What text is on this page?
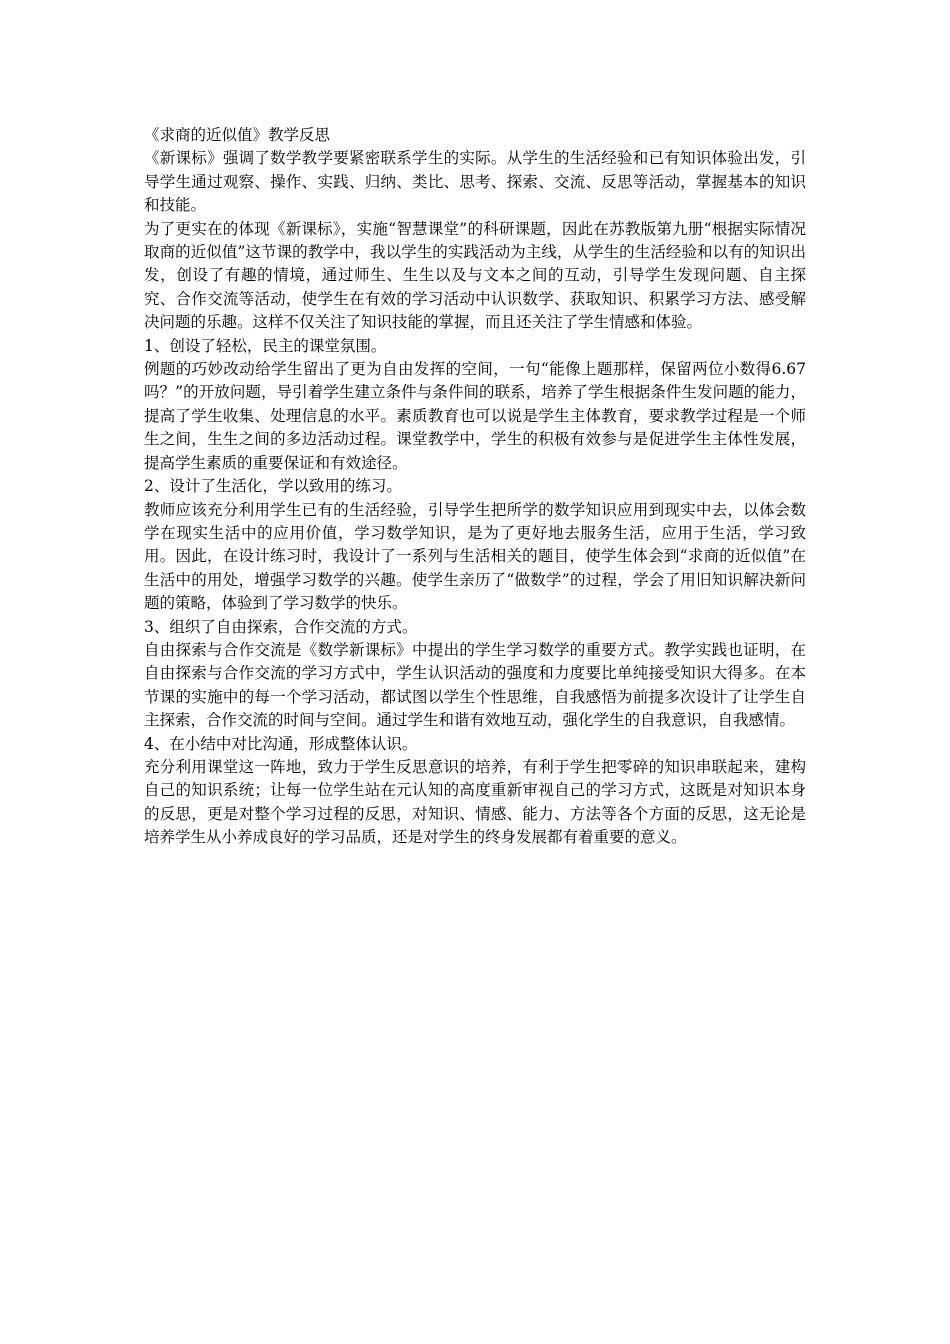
《求商的近似值》教学反思

《新课标》强调了数学教学要紧密联系学生的实际。从学生的生活经验和已有知识体验出发，引导学生通过观察、操作、实践、归纳、类比、思考、探索、交流、反思等活动，掌握基本的知识和技能。

为了更实在的体现《新课标》，实施“智慧课堂”的科研课题，因此在苏教版第九册“根据实际情况取商的近似值”这节课的教学中，我以学生的实践活动为主线，从学生的生活经验和以有的知识出发，创设了有趣的情境，通过师生、生生以及与文本之间的互动，引导学生发现问题、自主探究、合作交流等活动，使学生在有效的学习活动中认识数学、获取知识、积累学习方法、感受解决问题的乐趣。这样不仅关注了知识技能的掌握，而且还关注了学生情感和体验。

1、创设了轻松，民主的课堂氛围。

例题的巧妙改动给学生留出了更为自由发挥的空间，一句“能像上题那样，保留两位小数得6.67吗？”的开放问题，导引着学生建立条件与条件间的联系，培养了学生根据条件生发问题的能力，提高了学生收集、处理信息的水平。素质教育也可以说是学生主体教育，要求教学过程是一个师生之间，生生之间的多边活动过程。课堂教学中，学生的积极有效参与是促进学生主体性发展，提高学生素质的重要保证和有效途径。

2、设计了生活化，学以致用的练习。

教师应该充分利用学生已有的生活经验，引导学生把所学的数学知识应用到现实中去，以体会数学在现实生活中的应用价值，学习数学知识，是为了更好地去服务生活，应用于生活，学习致用。因此，在设计练习时，我设计了一系列与生活相关的题目，使学生体会到“求商的近似值”在生活中的用处，增强学习数学的兴趣。使学生亲历了“做数学”的过程，学会了用旧知识解决新问题的策略，体验到了学习数学的快乐。

3、组织了自由探索，合作交流的方式。

自由探索与合作交流是《数学新课标》中提出的学生学习数学的重要方式。教学实践也证明，在自由探索与合作交流的学习方式中，学生认识活动的强度和力度要比单纯接受知识大得多。在本节课的实施中的每一个学习活动，都试图以学生个性思维，自我感悟为前提多次设计了让学生自主探索，合作交流的时间与空间。通过学生和谐有效地互动，强化学生的自我意识，自我感情。

4、在小结中对比沟通，形成整体认识。

充分利用课堂这一阵地，致力于学生反思意识的培养，有利于学生把零碎的知识串联起来，建构自己的知识系统；让每一位学生站在元认知的高度重新审视自己的学习方式，这既是对知识本身的反思，更是对整个学习过程的反思，对知识、情感、能力、方法等各个方面的反思，这无论是培养学生从小养成良好的学习品质，还是对学生的终身发展都有着重要的意义。
